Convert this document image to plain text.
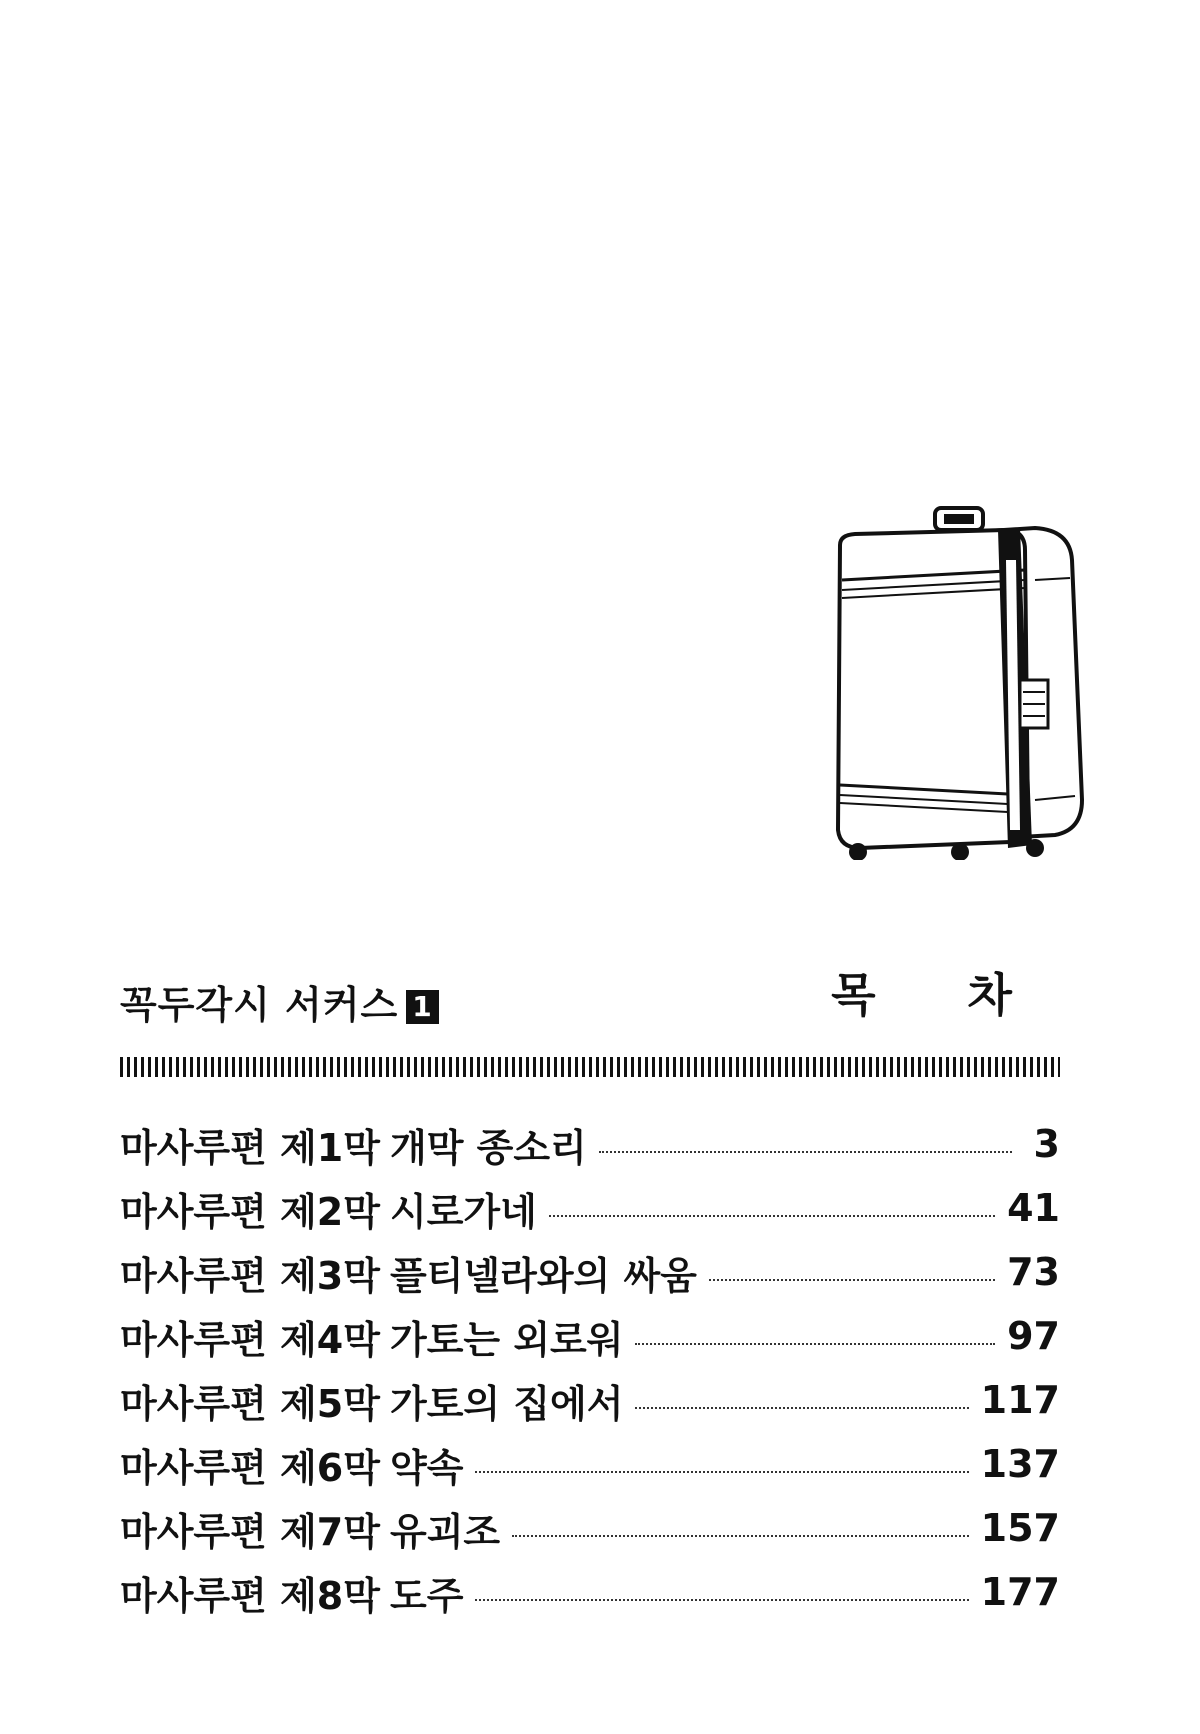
꼭두각시 서커스 1	목 차
마사루편 제1막 개막 종소리	3
마사루편 제2막 시로가네	41
마사루편 제3막 플티넬라와의 싸움	73
마사루편 제4막 가토는 외로워	97
마사루편 제5막 가토의 집에서	117
마사루편 제6막 약속	137
마사루편 제7막 유괴조	157
마사루편 제8막 도주	177
